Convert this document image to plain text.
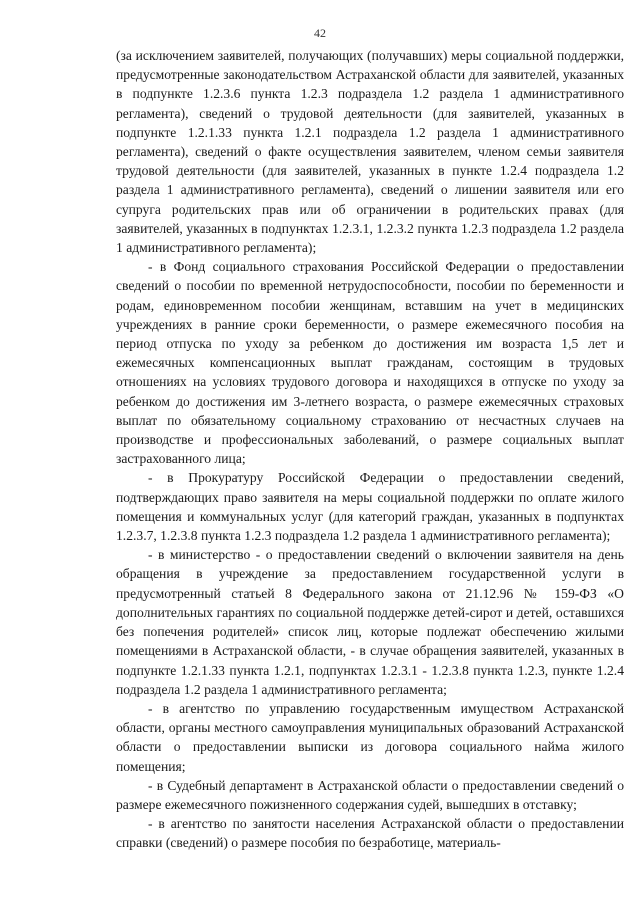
42

(за исключением заявителей, получающих (получавших) меры социальной поддержки, предусмотренные законодательством Астраханской области для заявителей, указанных в подпункте 1.2.3.6 пункта 1.2.3 подраздела 1.2 раздела 1 административного регламента), сведений о трудовой деятельности (для заявителей, указанных в подпункте 1.2.1.33 пункта 1.2.1 подраздела 1.2 раздела 1 административного регламента), сведений о факте осуществления заявителем, членом семьи заявителя трудовой деятельности (для заявителей, указанных в пункте 1.2.4 подраздела 1.2 раздела 1 административного регламента), сведений о лишении заявителя или его супруга родительских прав или об ограничении в родительских правах (для заявителей, указанных в подпунктах 1.2.3.1, 1.2.3.2 пункта 1.2.3 подраздела 1.2 раздела 1 административного регламента);

- в Фонд социального страхования Российской Федерации о предоставлении сведений о пособии по временной нетрудоспособности, пособии по беременности и родам, единовременном пособии женщинам, вставшим на учет в медицинских учреждениях в ранние сроки беременности, о размере ежемесячного пособия на период отпуска по уходу за ребенком до достижения им возраста 1,5 лет и ежемесячных компенсационных выплат гражданам, состоящим в трудовых отношениях на условиях трудового договора и находящихся в отпуске по уходу за ребенком до достижения им 3-летнего возраста, о размере ежемесячных страховых выплат по обязательному социальному страхованию от несчастных случаев на производстве и профессиональных заболеваний, о размере социальных выплат застрахованного лица;

- в Прокуратуру Российской Федерации о предоставлении сведений, подтверждающих право заявителя на меры социальной поддержки по оплате жилого помещения и коммунальных услуг (для категорий граждан, указанных в подпунктах 1.2.3.7, 1.2.3.8 пункта 1.2.3 подраздела 1.2 раздела 1 административного регламента);

- в министерство - о предоставлении сведений о включении заявителя на день обращения в учреждение за предоставлением государственной услуги в предусмотренный статьей 8 Федерального закона от 21.12.96 № 159-ФЗ «О дополнительных гарантиях по социальной поддержке детей-сирот и детей, оставшихся без попечения родителей» список лиц, которые подлежат обеспечению жилыми помещениями в Астраханской области, - в случае обращения заявителей, указанных в подпункте 1.2.1.33 пункта 1.2.1, подпунктах 1.2.3.1 - 1.2.3.8 пункта 1.2.3, пункте 1.2.4 подраздела 1.2 раздела 1 административного регламента;

- в агентство по управлению государственным имуществом Астраханской области, органы местного самоуправления муниципальных образований Астраханской области о предоставлении выписки из договора социального найма жилого помещения;

- в Судебный департамент в Астраханской области о предоставлении сведений о размере ежемесячного пожизненного содержания судей, вышедших в отставку;

- в агентство по занятости населения Астраханской области о предоставлении справки (сведений) о размере пособия по безработице, материаль-
